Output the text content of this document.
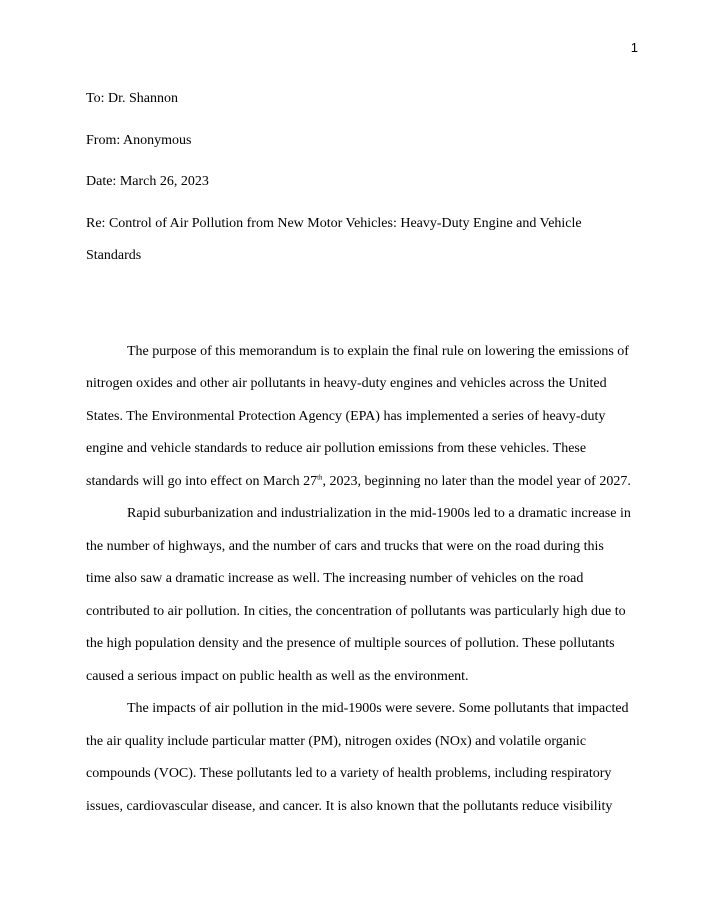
1
To: Dr. Shannon
From: Anonymous
Date: March 26, 2023
Re: Control of Air Pollution from New Motor Vehicles: Heavy-Duty Engine and Vehicle
Standards
The purpose of this memorandum is to explain the final rule on lowering the emissions of
nitrogen oxides and other air pollutants in heavy-duty engines and vehicles across the United
States. The Environmental Protection Agency (EPA) has implemented a series of heavy-duty
engine and vehicle standards to reduce air pollution emissions from these vehicles. These
standards will go into effect on March 27th, 2023, beginning no later than the model year of 2027.
Rapid suburbanization and industrialization in the mid-1900s led to a dramatic increase in
the number of highways, and the number of cars and trucks that were on the road during this
time also saw a dramatic increase as well. The increasing number of vehicles on the road
contributed to air pollution. In cities, the concentration of pollutants was particularly high due to
the high population density and the presence of multiple sources of pollution. These pollutants
caused a serious impact on public health as well as the environment.
The impacts of air pollution in the mid-1900s were severe. Some pollutants that impacted
the air quality include particular matter (PM), nitrogen oxides (NOx) and volatile organic
compounds (VOC). These pollutants led to a variety of health problems, including respiratory
issues, cardiovascular disease, and cancer. It is also known that the pollutants reduce visibility
